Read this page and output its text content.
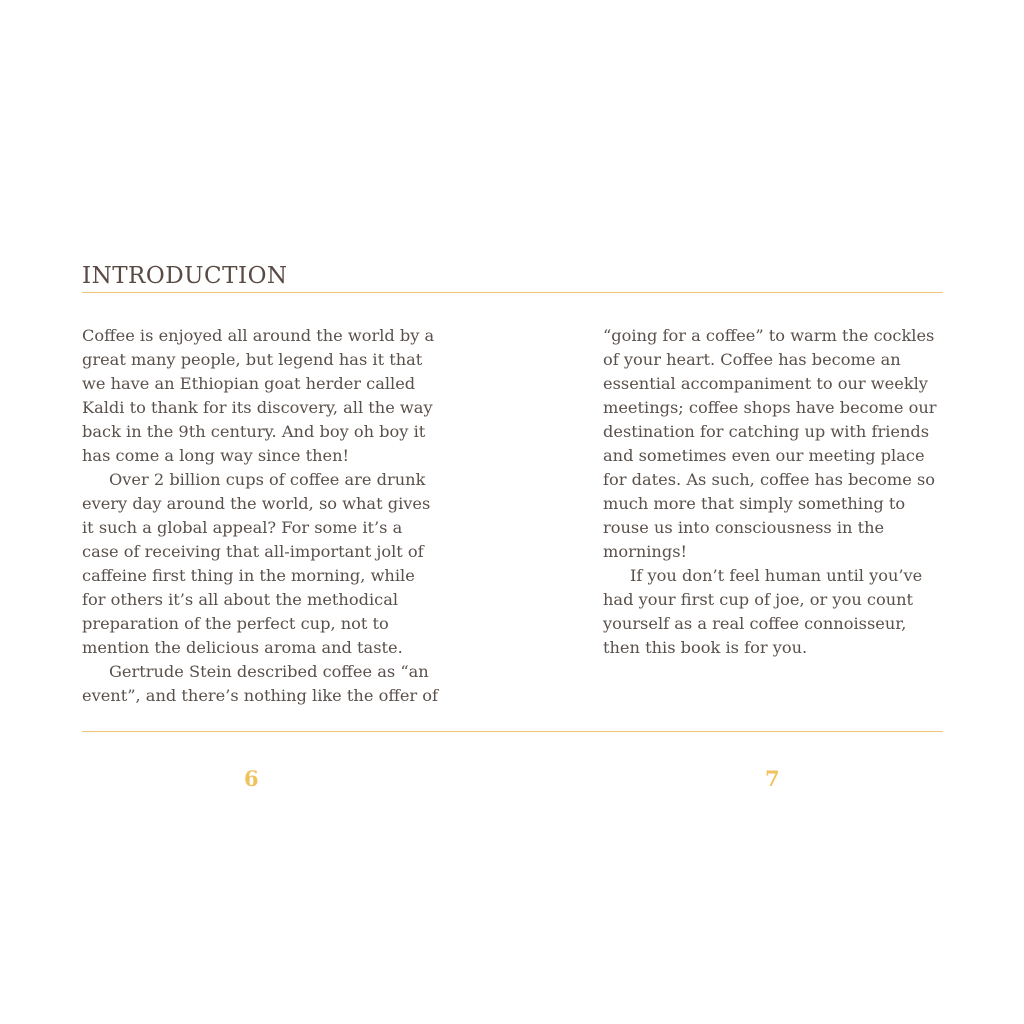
INTRODUCTION

Coffee is enjoyed all around the world by a

great many people, but legend has it that

we have an Ethiopian goat herder called

Kaldi to thank for its discovery, all the way

back in the 9th century. And boy oh boy it

has come a long way since then!

Over 2 billion cups of coffee are drunk

every day around the world, so what gives

it such a global appeal? For some it’s a

case of receiving that all-important jolt of

caffeine first thing in the morning, while

for others it’s all about the methodical

preparation of the perfect cup, not to

mention the delicious aroma and taste.

Gertrude Stein described coffee as “an

event”, and there’s nothing like the offer of

“going for a coffee” to warm the cockles

of your heart. Coffee has become an

essential accompaniment to our weekly

meetings; coffee shops have become our

destination for catching up with friends

and sometimes even our meeting place

for dates. As such, coffee has become so

much more that simply something to

rouse us into consciousness in the

mornings!

If you don’t feel human until you’ve

had your first cup of joe, or you count

yourself as a real coffee connoisseur,

then this book is for you.

6	7
